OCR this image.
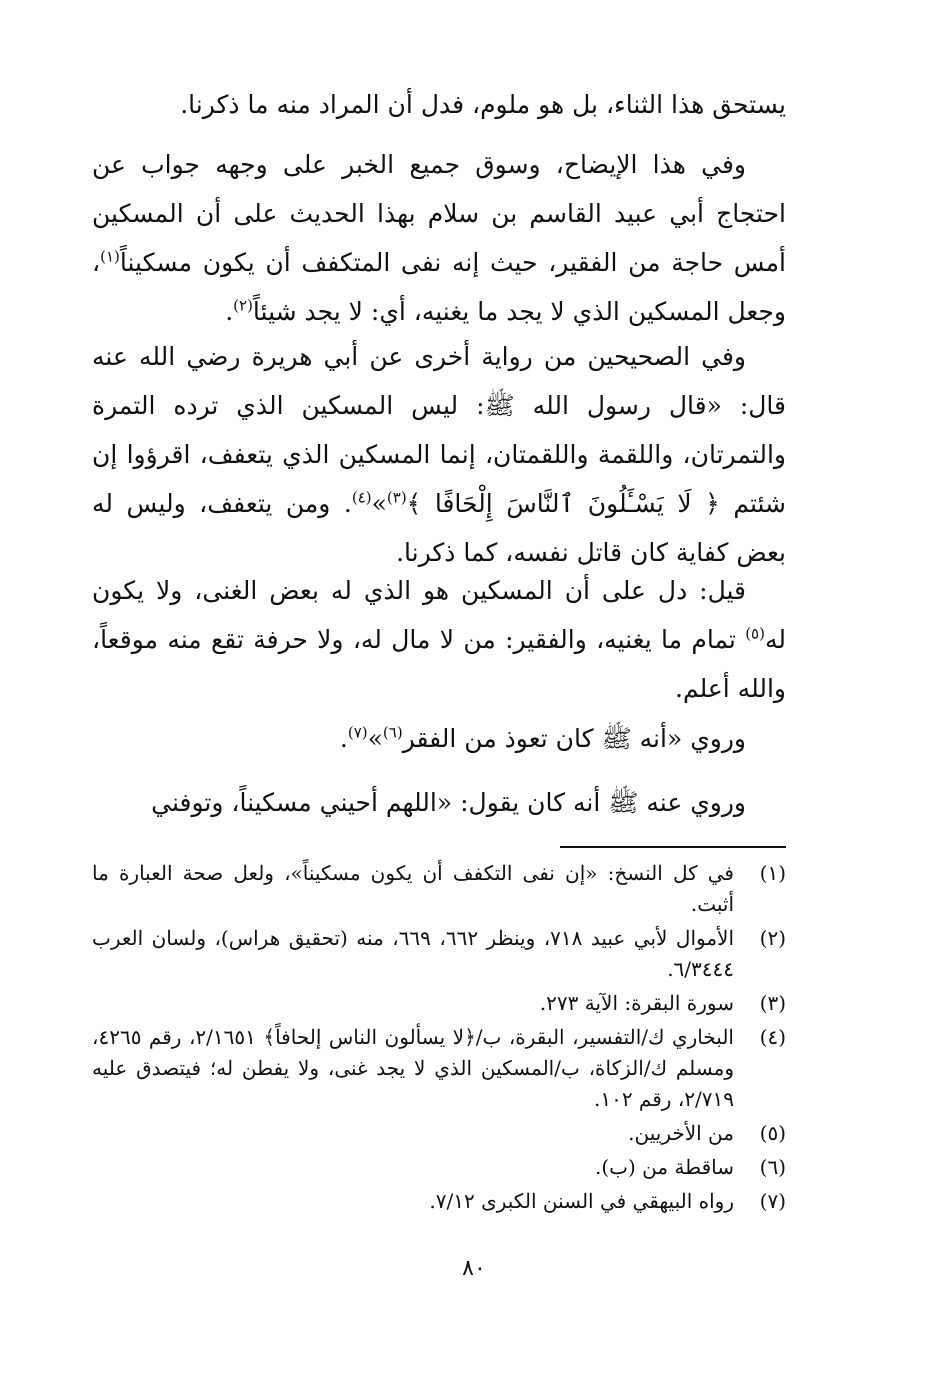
يستحق هذا الثناء، بل هو ملوم، فدل أن المراد منه ما ذكرنا.

وفي هذا الإيضاح، وسوق جميع الخبر على وجهه جواب عن احتجاج أبي عبيد القاسم بن سلام بهذا الحديث على أن المسكين أمس حاجة من الفقير، حيث إنه نفى المتكفف أن يكون مسكيناً$^{(١)}$، وجعل المسكين الذي لا يجد ما يغنيه، أي: لا يجد شيئاً$^{(٢)}$.

وفي الصحيحين من رواية أخرى عن أبي هريرة رضي الله عنه قال: «قال رسول الله ﷺ: ليس المسكين الذي ترده التمرة والتمرتان، واللقمة واللقمتان، إنما المسكين الذي يتعفف، اقرؤوا إن شئتم ﴿ لَا يَسْـَٔلُونَ ٱلنَّاسَ إِلْحَافًا ﴾$^{(٣)}$»$^{(٤)}$. ومن يتعفف، وليس له بعض كفاية كان قاتل نفسه، كما ذكرنا.

قيل: دل على أن المسكين هو الذي له بعض الغنى، ولا يكون له$^{(٥)}$ تمام ما يغنيه، والفقير: من لا مال له، ولا حرفة تقع منه موقعاً، والله أعلم.

وروي «أنه ﷺ كان تعوذ من الفقر$^{(٦)}$»$^{(٧)}$.

وروي عنه ﷺ أنه كان يقول: «اللهم أحيني مسكيناً، وتوفني

(١)
في كل النسخ: «إن نفى التكفف أن يكون مسكيناً»، ولعل صحة العبارة ما أثبت.
(٢)
الأموال لأبي عبيد ٧١٨، وينظر ٦٦٢، ٦٦٩، منه (تحقيق هراس)، ولسان العرب ٦/٣٤٤٤.
(٣)
سورة البقرة: الآية ٢٧٣.
(٤)
البخاري ك/التفسير، البقرة، ب/﴿لا يسألون الناس إلحافاً﴾ ٢/١٦٥١، رقم ٤٢٦٥، ومسلم ك/الزكاة، ب/المسكين الذي لا يجد غنى، ولا يفطن له؛ فيتصدق عليه ٢/٧١٩، رقم ١٠٢.
(٥)
من الأخريين.
(٦)
ساقطة من (ب).
(٧)
رواه البيهقي في السنن الكبرى ٧/١٢.
٨٠
